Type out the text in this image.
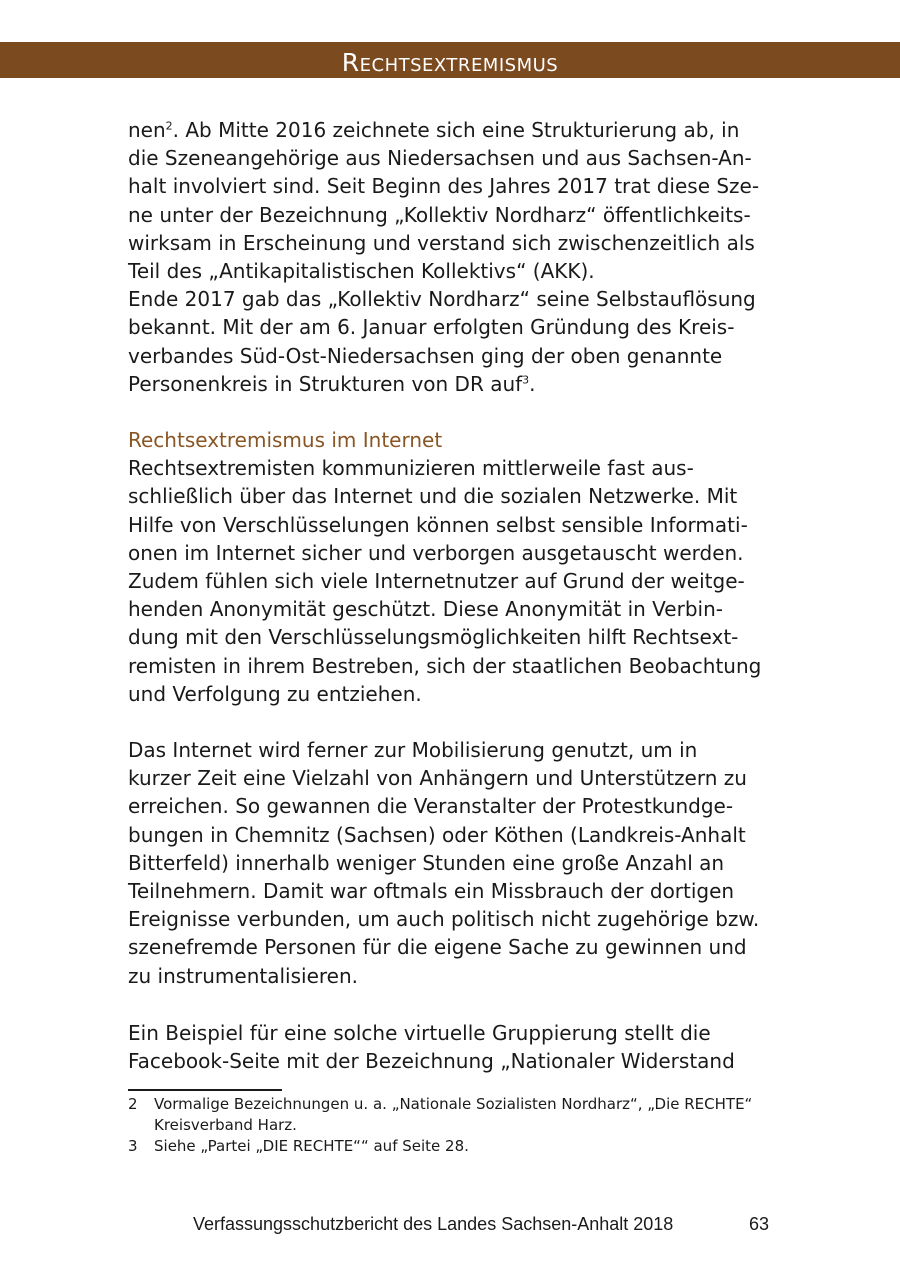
Rechtsextremismus
nen$^2$. Ab Mitte 2016 zeichnete sich eine Strukturierung ab, in
die Szeneangehörige aus Niedersachsen und aus Sachsen-An-
halt involviert sind. Seit Beginn des Jahres 2017 trat diese Sze-
ne unter der Bezeichnung „Kollektiv Nordharz“ öffentlichkeits-
wirksam in Erscheinung und verstand sich zwischenzeitlich als
Teil des „Antikapitalistischen Kollektivs“ (AKK).
Ende 2017 gab das „Kollektiv Nordharz“ seine Selbstauflösung
bekannt. Mit der am 6. Januar erfolgten Gründung des Kreis-
verbandes Süd-Ost-Niedersachsen ging der oben genannte
Personenkreis in Strukturen von DR auf$^3$.
Rechtsextremismus im Internet
Rechtsextremisten kommunizieren mittlerweile fast aus-
schließlich über das Internet und die sozialen Netzwerke. Mit
Hilfe von Verschlüsselungen können selbst sensible Informati-
onen im Internet sicher und verborgen ausgetauscht werden.
Zudem fühlen sich viele Internetnutzer auf Grund der weitge-
henden Anonymität geschützt. Diese Anonymität in Verbin-
dung mit den Verschlüsselungsmöglichkeiten hilft Rechtsext-
remisten in ihrem Bestreben, sich der staatlichen Beobachtung
und Verfolgung zu entziehen.
Das Internet wird ferner zur Mobilisierung genutzt, um in
kurzer Zeit eine Vielzahl von Anhängern und Unterstützern zu
erreichen. So gewannen die Veranstalter der Protestkundge-
bungen in Chemnitz (Sachsen) oder Köthen (Landkreis-Anhalt
Bitterfeld) innerhalb weniger Stunden eine große Anzahl an
Teilnehmern. Damit war oftmals ein Missbrauch der dortigen
Ereignisse verbunden, um auch politisch nicht zugehörige bzw.
szenefremde Personen für die eigene Sache zu gewinnen und
zu instrumentalisieren.
Ein Beispiel für eine solche virtuelle Gruppierung stellt die
Facebook-Seite mit der Bezeichnung „Nationaler Widerstand
2 Vormalige Bezeichnungen u. a. „Nationale Sozialisten Nordharz“, „Die RECHTE“
Kreisverband Harz.
3 Siehe „Partei „DIE RECHTE““ auf Seite 28.
Verfassungsschutzbericht des Landes Sachsen-Anhalt 2018	63
